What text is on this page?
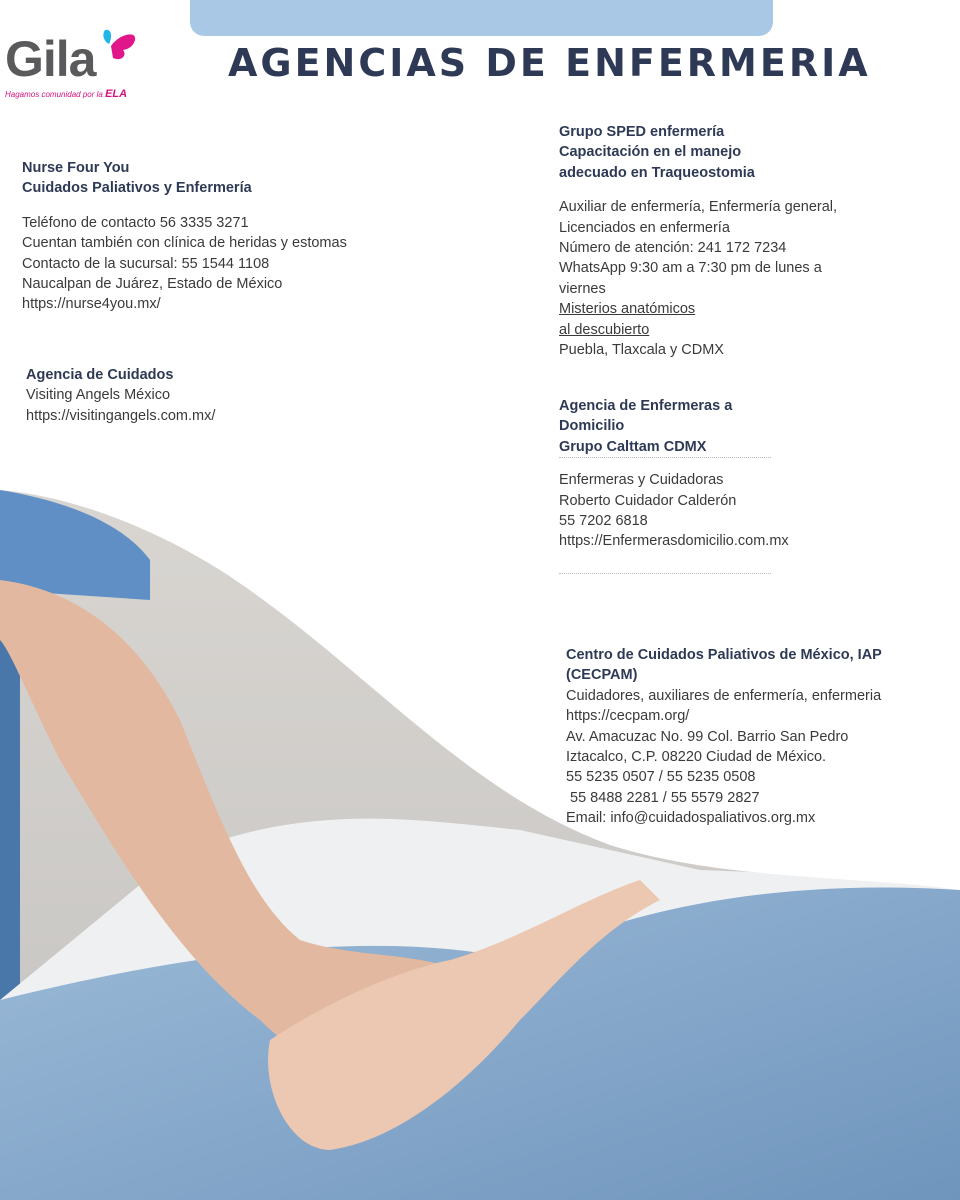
Gila
Hagamos comunidad por la ELA
AGENCIAS DE ENFERMERIA
Nurse Four You
Cuidados Paliativos y Enfermería
Teléfono de contacto 56 3335 3271
Cuentan también con clínica de heridas y estomas
Contacto de la sucursal: 55 1544 1108
Naucalpan de Juárez, Estado de México
https://nurse4you.mx/
Agencia de Cuidados
Visiting Angels México
https://visitingangels.com.mx/
Grupo SPED enfermería
Capacitación en el manejo
adecuado en Traqueostomia
Auxiliar de enfermería, Enfermería general,
Licenciados en enfermería
Número de atención: 241 172 7234
WhatsApp 9:30 am a 7:30 pm de lunes a
viernes
Misterios anatómicos
al descubierto
Puebla, Tlaxcala y CDMX
Agencia de Enfermeras a
Domicilio
Grupo Calttam CDMX
Enfermeras y Cuidadoras
Roberto Cuidador Calderón
55 7202 6818
https://Enfermerasdomicilio.com.mx
Centro de Cuidados Paliativos de México, IAP
(CECPAM)
Cuidadores, auxiliares de enfermería, enfermeria
https://cecpam.org/
Av. Amacuzac No. 99 Col. Barrio San Pedro
Iztacalco, C.P. 08220 Ciudad de México.
55 5235 0507 / 55 5235 0508
55 8488 2281 / 55 5579 2827
Email: info@cuidadospaliativos.org.mx
